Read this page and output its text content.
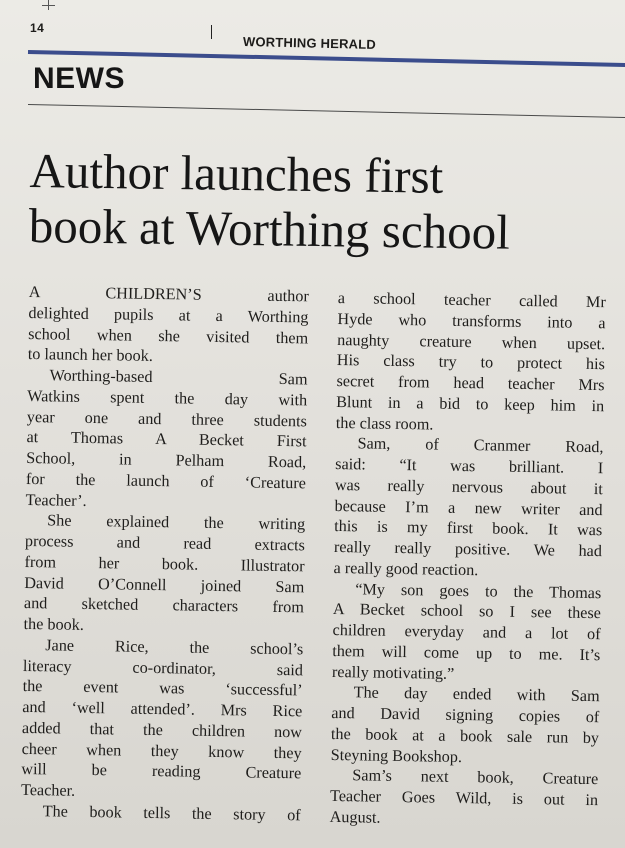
14
WORTHING HERALD
NEWS
Author launches first
book at Worthing school
A CHILDREN’S author
delighted pupils at a Worthing
school when she visited them
to launch her book.
Worthing-based Sam
Watkins spent the day with
year one and three students
at Thomas A Becket First
School, in Pelham Road,
for the launch of ‘Creature
Teacher’.
She explained the writing
process and read extracts
from her book. Illustrator
David O’Connell joined Sam
and sketched characters from
the book.
Jane Rice, the school’s
literacy co-ordinator, said
the event was ‘successful’
and ‘well attended’. Mrs Rice
added that the children now
cheer when they know they
will be reading Creature
Teacher.
The book tells the story of
a school teacher called Mr
Hyde who transforms into a
naughty creature when upset.
His class try to protect his
secret from head teacher Mrs
Blunt in a bid to keep him in
the class room.
Sam, of Cranmer Road,
said: “It was brilliant. I
was really nervous about it
because I’m a new writer and
this is my first book. It was
really really positive. We had
a really good reaction.
“My son goes to the Thomas
A Becket school so I see these
children everyday and a lot of
them will come up to me. It’s
really motivating.”
The day ended with Sam
and David signing copies of
the book at a book sale run by
Steyning Bookshop.
Sam’s next book, Creature
Teacher Goes Wild, is out in
August.
